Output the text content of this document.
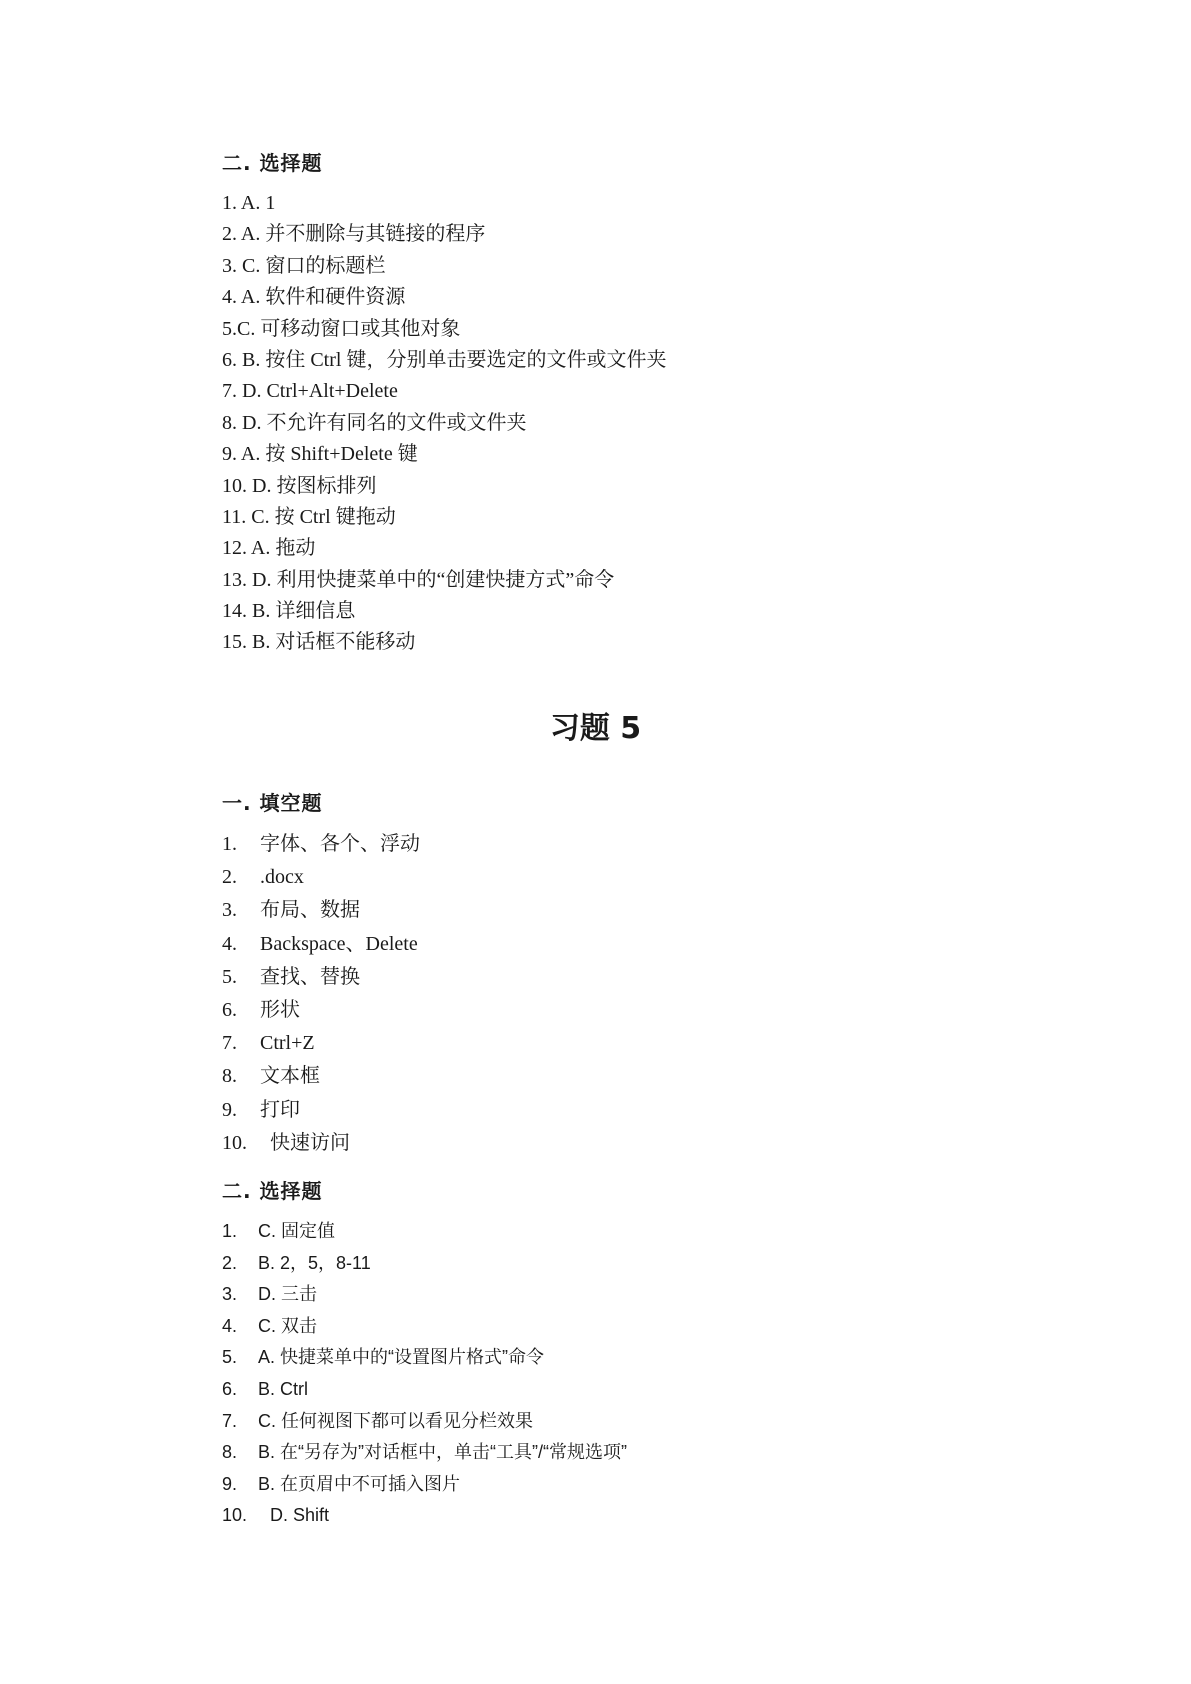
二. 选择题
1. A. 1
2. A. 并不删除与其链接的程序
3. C. 窗口的标题栏
4. A. 软件和硬件资源
5.C. 可移动窗口或其他对象
6. B. 按住 Ctrl 键，分别单击要选定的文件或文件夹
7. D. Ctrl+Alt+Delete
8. D. 不允许有同名的文件或文件夹
9. A. 按 Shift+Delete 键
10. D. 按图标排列
11. C. 按 Ctrl 键拖动
12. A. 拖动
13. D. 利用快捷菜单中的“创建快捷方式”命令
14. B. 详细信息
15. B. 对话框不能移动
习题 5
一. 填空题
1.	字体、各个、浮动
2.	.docx
3.	布局、数据
4.	Backspace、Delete
5.	查找、替换
6.	形状
7.	Ctrl+Z
8.	文本框
9.	打印
10.	快速访问
二. 选择题
1.	C. 固定值
2.	B. 2，5，8-11
3.	D. 三击
4.	C. 双击
5.	A. 快捷菜单中的“设置图片格式”命令
6.	B. Ctrl
7.	C. 任何视图下都可以看见分栏效果
8.	B. 在“另存为”对话框中，单击“工具”/“常规选项”
9.	B. 在页眉中不可插入图片
10.	D. Shift
